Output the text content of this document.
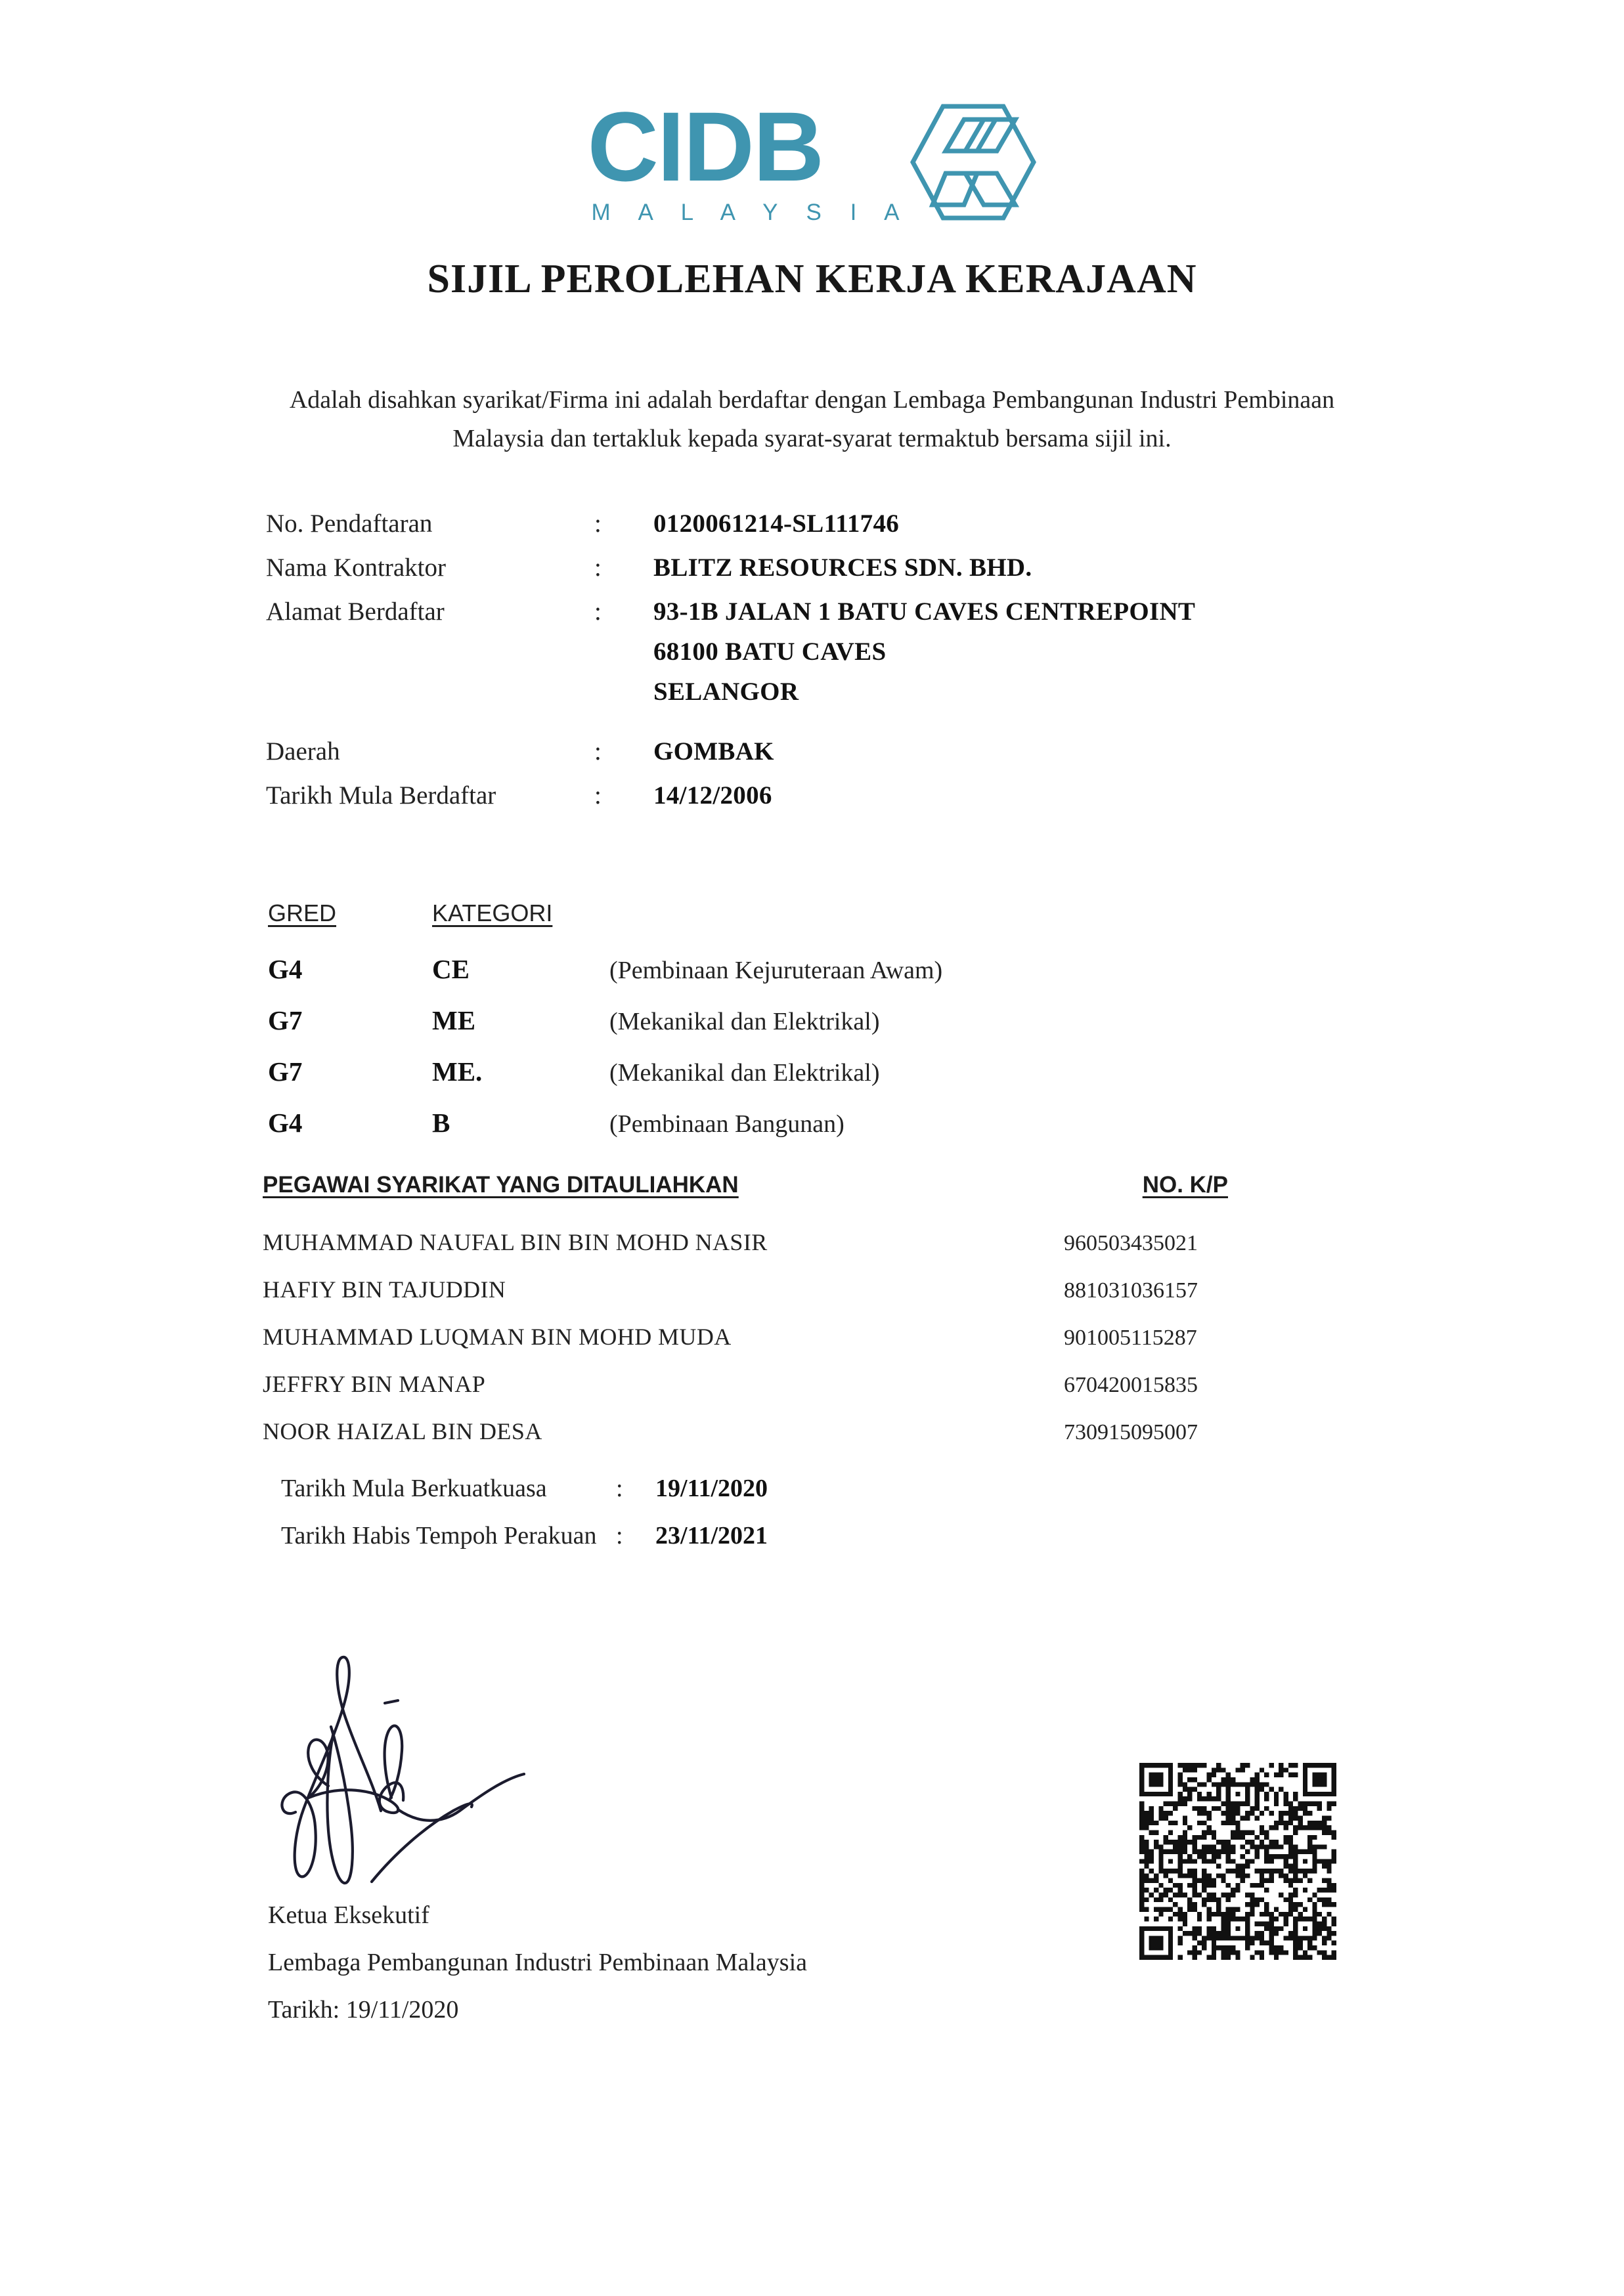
CIDB
M A L A Y S I A
SIJIL PEROLEHAN KERJA KERAJAAN
Adalah disahkan syarikat/Firma ini adalah berdaftar dengan Lembaga Pembangunan Industri Pembinaan Malaysia dan tertakluk kepada syarat-syarat termaktub bersama sijil ini.
No. Pendaftaran	:	0120061214-SL111746
Nama Kontraktor	:	BLITZ RESOURCES SDN. BHD.
Alamat Berdaftar	:	93-1B JALAN 1 BATU CAVES CENTREPOINT
68100 BATU CAVES
SELANGOR
Daerah	:	GOMBAK
Tarikh Mula Berdaftar	:	14/12/2006
GRED	KATEGORI
G4	CE	(Pembinaan Kejuruteraan Awam)
G7	ME	(Mekanikal dan Elektrikal)
G7	ME.	(Mekanikal dan Elektrikal)
G4	B	(Pembinaan Bangunan)
PEGAWAI SYARIKAT YANG DITAULIAHKAN	NO. K/P
MUHAMMAD NAUFAL BIN BIN MOHD NASIR	960503435021
HAFIY BIN TAJUDDIN	881031036157
MUHAMMAD LUQMAN BIN MOHD MUDA	901005115287
JEFFRY BIN MANAP	670420015835
NOOR HAIZAL BIN DESA	730915095007
Tarikh Mula Berkuatkuasa	:	19/11/2020
Tarikh Habis Tempoh Perakuan :	23/11/2021
Ketua Eksekutif
Lembaga Pembangunan Industri Pembinaan Malaysia
Tarikh: 19/11/2020
